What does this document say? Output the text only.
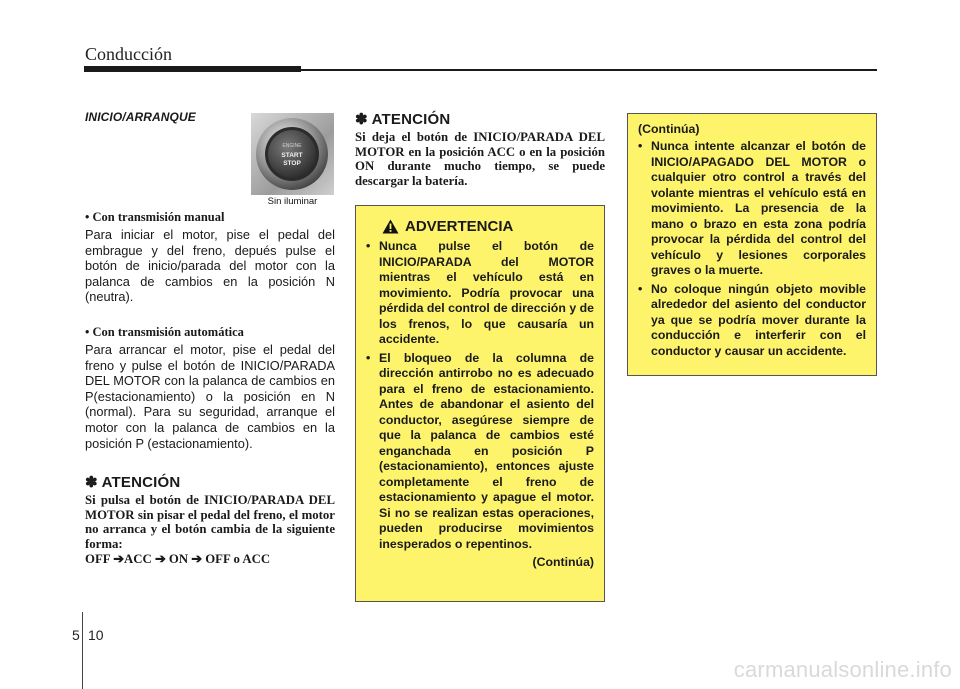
Conducción

INICIO/ARRANQUE

• Con transmisión manual

Para iniciar el motor, pise el pedal del embrague y del freno, depués pulse el botón de inicio/parada del motor con la palanca de cambios en la posición N (neutra).

• Con transmisión automática

Para arrancar el motor, pise el pedal del freno y pulse el botón de INICIO/PARADA DEL MOTOR con la palanca de cambios en P(estacionamiento) o la posición en N (normal). Para su seguridad, arranque el motor con la palanca de cambios en la posición P (estacionamiento).

✽ ATENCIÓN

Si pulsa el botón de INICIO/PARADA DEL MOTOR sin pisar el pedal del freno, el motor no arranca y el botón cambia de la siguiente forma:

OFF ➔ACC ➔ ON ➔ OFF o ACC

ENGINE
START
STOP
Sin iluminar

✽ ATENCIÓN

Si deja el botón de INICIO/PARADA DEL MOTOR en la posición ACC o en la posición ON durante mucho tiempo, se puede descargar la batería.

ADVERTENCIA
• Nunca pulse el botón de INICIO/PARADA del MOTOR mientras el vehículo está en movimiento. Podría provocar una pérdida del control de dirección y de los frenos, lo que causaría un accidente.
• El bloqueo de la columna de dirección antirrobo no es adecuado para el freno de estacionamiento. Antes de abandonar el asiento del conductor, asegúrese siempre de que la palanca de cambios esté enganchada en posición P (estacionamiento), entonces ajuste completamente el freno de estacionamiento y apague el motor. Si no se realizan estas operaciones, pueden producirse movimientos inesperados o repentinos.
(Continúa)
(Continúa)
• Nunca intente alcanzar el botón de INICIO/APAGADO DEL MOTOR o cualquier otro control a través del volante mientras el vehículo está en movimiento. La presencia de la mano o brazo en esta zona podría provocar la pérdida del control del vehículo y lesiones corporales graves o la muerte.
• No coloque ningún objeto movible alrededor del asiento del conductor ya que se podría mover durante la conducción e interferir con el conductor y causar un accidente.
5 10
carmanualsonline.info
